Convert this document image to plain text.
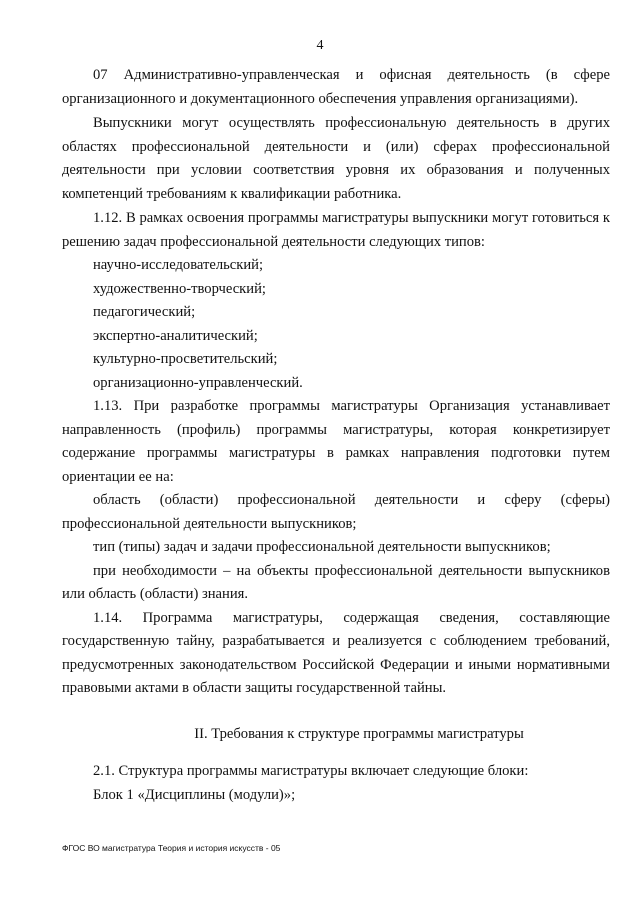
4

07 Административно-управленческая и офисная деятельность (в сфере организационного и документационного обеспечения управления организациями).

Выпускники могут осуществлять профессиональную деятельность в других областях профессиональной деятельности и (или) сферах профессиональной деятельности при условии соответствия уровня их образования и полученных компетенций требованиям к квалификации работника.

1.12. В рамках освоения программы магистратуры выпускники могут готовиться к решению задач профессиональной деятельности следующих типов:

научно-исследовательский;

художественно-творческий;

педагогический;

экспертно-аналитический;

культурно-просветительский;

организационно-управленческий.

1.13. При разработке программы магистратуры Организация устанавливает направленность (профиль) программы магистратуры, которая конкретизирует содержание программы магистратуры в рамках направления подготовки путем ориентации ее на:

область (области) профессиональной деятельности и сферу (сферы) профессиональной деятельности выпускников;

тип (типы) задач и задачи профессиональной деятельности выпускников;

при необходимости – на объекты профессиональной деятельности выпускников или область (области) знания.

1.14. Программа магистратуры, содержащая сведения, составляющие государственную тайну, разрабатывается и реализуется с соблюдением требований, предусмотренных законодательством Российской Федерации и иными нормативными правовыми актами в области защиты государственной тайны.

II. Требования к структуре программы магистратуры

2.1. Структура программы магистратуры включает следующие блоки:

Блок 1 «Дисциплины (модули)»;

ФГОС ВО магистратура Теория и история искусств - 05
